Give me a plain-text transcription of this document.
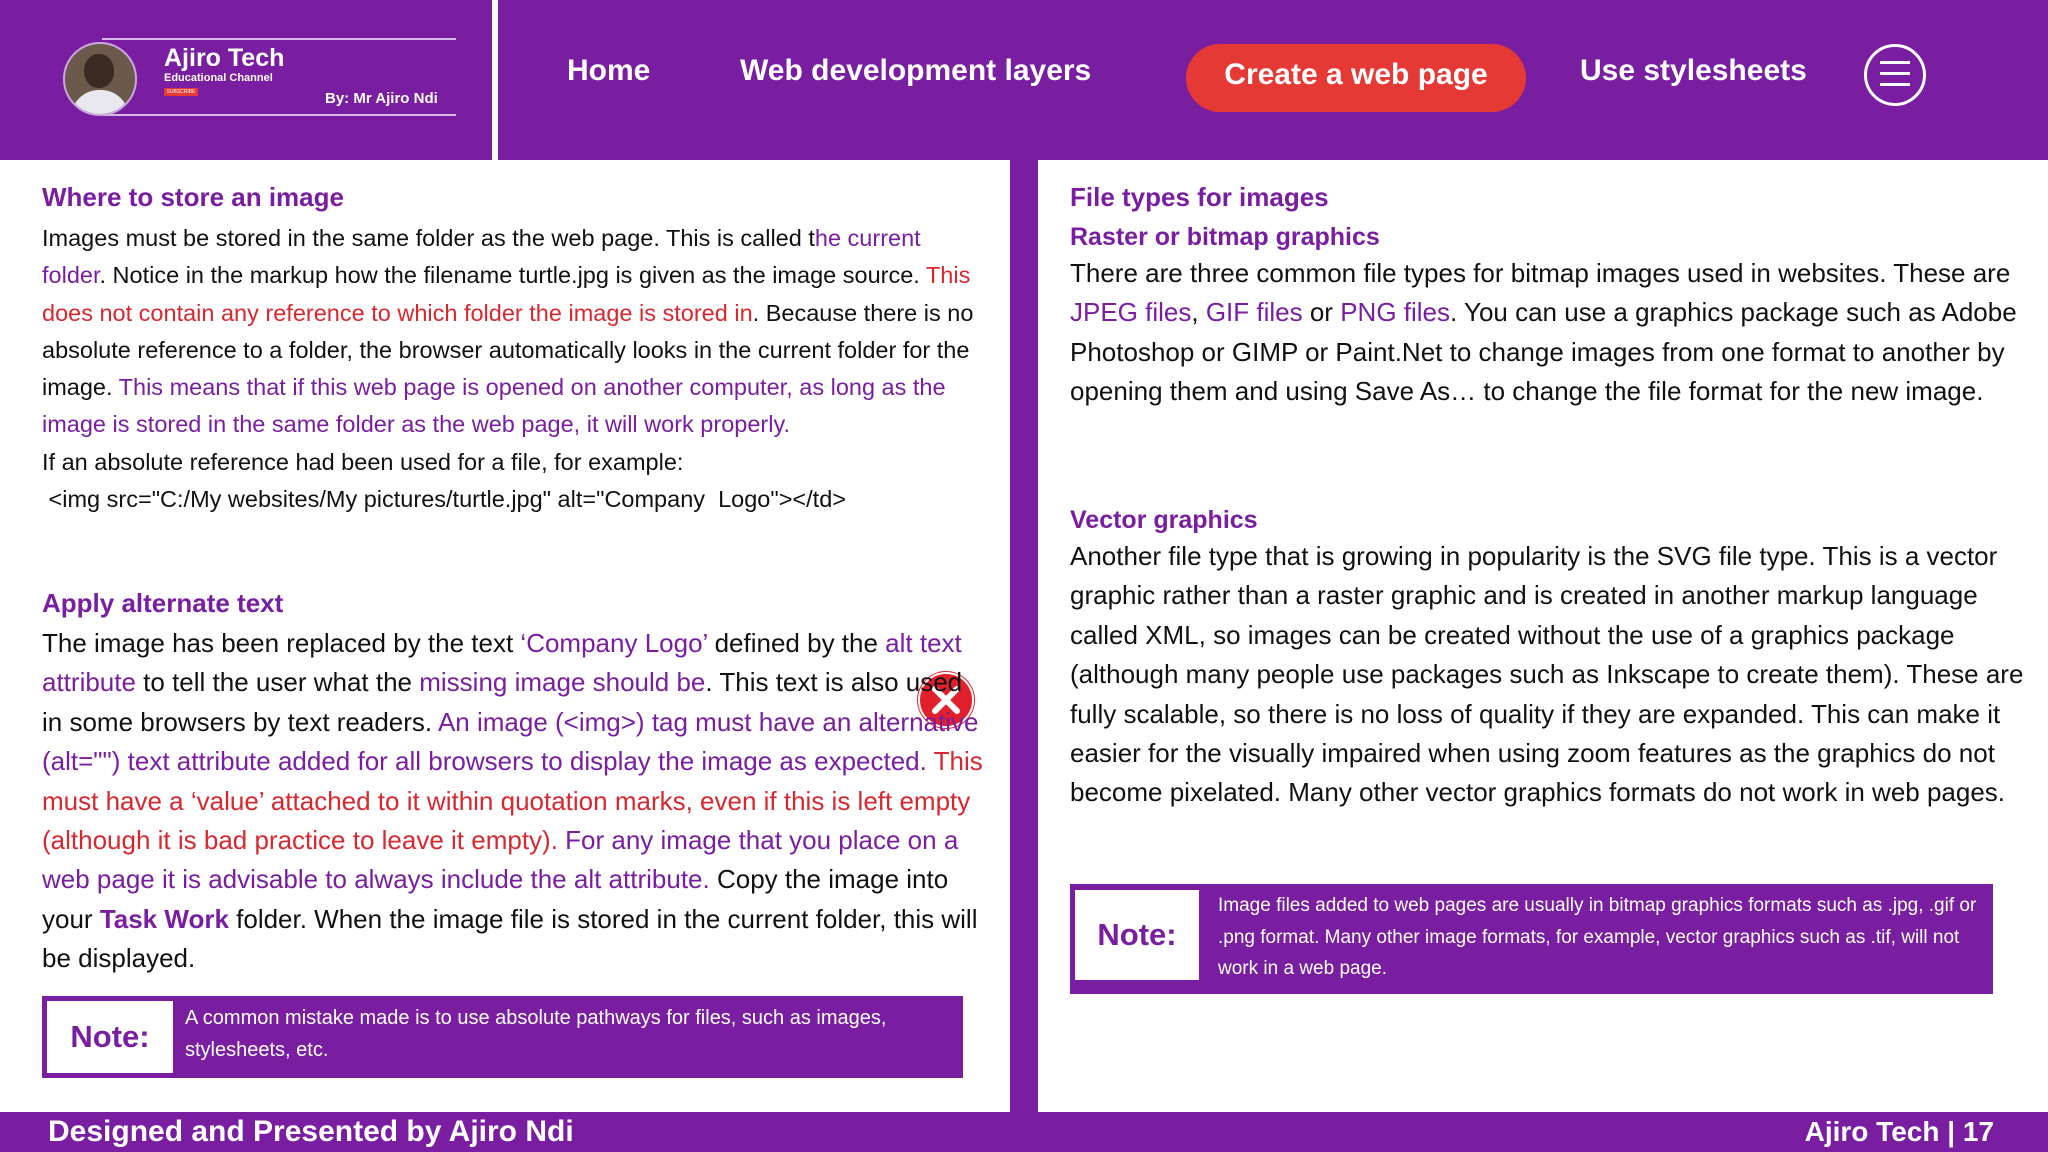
Ajiro Tech
Educational Channel
SUBSCRIBE	By: Mr Ajiro Ndi
Home	Web development layers	Create a web page	Use stylesheets
Where to store an image

Images must be stored in the same folder as the web page. This is called the current folder. Notice in the markup how the filename turtle.jpg is given as the image source. This does not contain any reference to which folder the image is stored in. Because there is no absolute reference to a folder, the browser automatically looks in the current folder for the image. This means that if this web page is opened on another computer, as long as the image is stored in the same folder as the web page, it will work properly.

If an absolute reference had been used for a file, for example:

<img src="C:/My websites/My pictures/turtle.jpg" alt="Company  Logo"></td>

Apply alternate text

The image has been replaced by the text ‘Company Logo’ defined by the alt text attribute to tell the user what the missing image should be. This text is also used in some browsers by text readers. An image (<img>) tag must have an alternative (alt="") text attribute added for all browsers to display the image as expected. This must have a ‘value’ attached to it within quotation marks, even if this is left empty (although it is bad practice to leave it empty). For any image that you place on a web page it is advisable to always include the alt attribute. Copy the image into your Task Work folder. When the image file is stored in the current folder, this will be displayed.

Note:
A common mistake made is to use absolute pathways for files, such as images, stylesheets, etc.
File types for images
Raster or bitmap graphics

There are three common file types for bitmap images used in websites. These are JPEG files, GIF files or PNG files. You can use a graphics package such as Adobe Photoshop or GIMP or Paint.Net to change images from one format to another by opening them and using Save As… to change the file format for the new image.

Vector graphics

Another file type that is growing in popularity is the SVG file type. This is a vector graphic rather than a raster graphic and is created in another markup language called XML, so images can be created without the use of a graphics package (although many people use packages such as Inkscape to create them). These are fully scalable, so there is no loss of quality if they are expanded. This can make it easier for the visually impaired when using zoom features as the graphics do not become pixelated. Many other vector graphics formats do not work in web pages.

Note:
Image files added to web pages are usually in bitmap graphics formats such as .jpg, .gif or .png format. Many other image formats, for example, vector graphics such as .tif, will not work in a web page.
Designed and Presented by Ajiro Ndi	Ajiro Tech | 17
